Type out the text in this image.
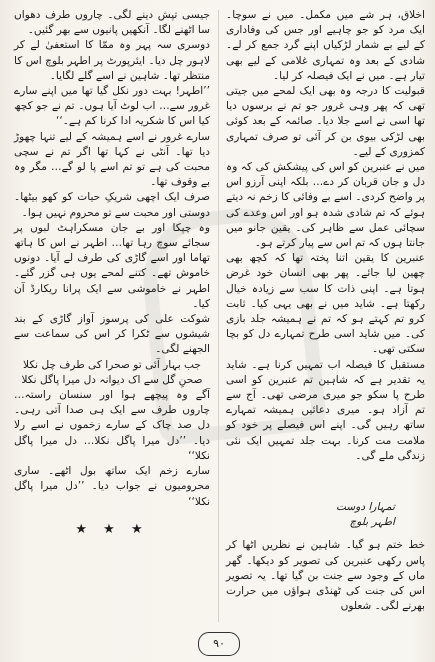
اخلاق، ہر شے میں مکمل۔ میں نے سوچا۔ ایک مرد کو جو چاہیے اور جس کی وفاداری کے لیے بے شمار لڑکیاں اپنے گرد جمع کر لے۔ شادی کے بعد وہ تمہاری غلامی کے لیے بھی تیار ہے۔ میں نے ایک فیصلہ کر لیا۔

قبولیت کا درجہ وہ بھی ایک لمحے میں جیتی تھی کہ پھر وہی غرور جو تم نے برسوں دیا تھا اسی نے اسے جلا دیا۔ صائمہ کے بعد کوئی بھی لڑکی بیوی بن کر آئی تو صرف تمہاری کمزوری کے لیے۔

میں نے عنبرین کو اس کی پیشکش کی کہ وہ دل و جان قربان کر دے… بلکہ اپنی آرزو اس پر واضح کردی۔ اسے بے وفائی کا زخم نہ دیتے ہوئے کہ تم شادی شدہ ہو اور اس وعدے کی سچائی عمل سے ظاہر کی۔ یقین جانو میں جانتا ہوں کہ تم اس سے پیار کرتے ہو۔

عنبرین کا یقین اتنا پختہ تھا کہ کچھ بھی چھین لیا جائے۔ پھر بھی انسان خود غرض ہوتا ہے۔ اپنی ذات کا سب سے زیادہ خیال رکھتا ہے۔ شاید میں نے بھی یہی کیا۔ ثابت کرو تم کہتے ہو کہ تم نے ہمیشہ جلد بازی کی۔ میں شاید اسی طرح تمہارے دل کو بچا سکتی تھی۔

مستقبل کا فیصلہ اب تمہیں کرنا ہے۔ شاید یہ تقدیر ہے کہ شاہین تم عنبرین کو اسی طرح پا سکو جو میری مرضی تھی۔ آج سے تم آزاد ہو۔ میری دعائیں ہمیشہ تمہارے ساتھ رہیں گی۔ اپنے اس فیصلے پر خود کو ملامت مت کرنا۔ بہت جلد تمہیں ایک نئی زندگی ملے گی۔

جیسی تپش دینے لگی۔ چاروں طرف دھواں سا اٹھنے لگا۔ آنکھیں پانیوں سے بھر گئیں۔

دوسری سہ پہر وہ ممّا کا استعفیٰ لے کر لاہور چل دیا۔ ایئرپورٹ پر اطہر بلوچ اس کا منتظر تھا۔ شاہین نے اسے گلے لگایا۔

’’اطہر! بہت دور نکل گیا تھا میں اپنے سارے غرور سے… اب لوٹ آیا ہوں۔ تم نے جو کچھ کیا اس کا شکریہ ادا کرنا کم ہے۔‘‘

سارے غرور نے اسے ہمیشہ کے لیے تنہا چھوڑ دیا تھا۔ آنٹی نے کہا تھا اگر تم نے سچی محبت کی ہے تو تم اسے پا لو گے… مگر وہ بے وقوف تھا۔

صرف ایک اچھی شریکِ حیات کو کھو بیٹھا۔ دوستی اور محبت سے تو محروم نہیں ہوا۔

وہ چپکا اور بے جان مسکراہٹ لبوں پر سجائے سوچ رہا تھا… اطہر نے اس کا ہاتھ تھاما اور اسے گاڑی کی طرف لے آیا۔ دونوں خاموش تھے۔ کتنے لمحے یوں ہی گزر گئے۔ اطہر نے خاموشی سے ایک پرانا ریکارڈ آن کیا۔

شوکت علی کی پرسوز آواز گاڑی کے بند شیشوں سے ٹکرا کر اس کی سماعت سے الجھنے لگی۔

جب بہار آئی تو صحرا کی طرف چل نکلا
صحنِ گل سے اک دیوانہ دل میرا پاگل نکلا

آگے وہ پیچھے ہوا اور سنسان راستہ… چاروں طرف سے ایک ہی صدا آتی رہی۔ دل صد چاک کے سارے زخموں نے اسے رلا دیا۔ ’’دل میرا پاگل نکلا… دل میرا پاگل نکلا‘‘

سارے زخم ایک ساتھ بول اٹھے۔ ساری محرومیوں نے جواب دیا۔ ’’دل میرا پاگل نکلا‘‘

★ ★ ★
تمہارا دوست
اطہر بلوچ
خط ختم ہو گیا۔ شاہین نے نظریں اٹھا کر پاس رکھی عنبرین کی تصویر کو دیکھا۔ گھر ماں کے وجود سے جنت بن گیا تھا۔ یہ تصویر اس کی جنت کی ٹھنڈی ہواؤں میں حرارت بھرنے لگی۔ شعلوں
۹۰
